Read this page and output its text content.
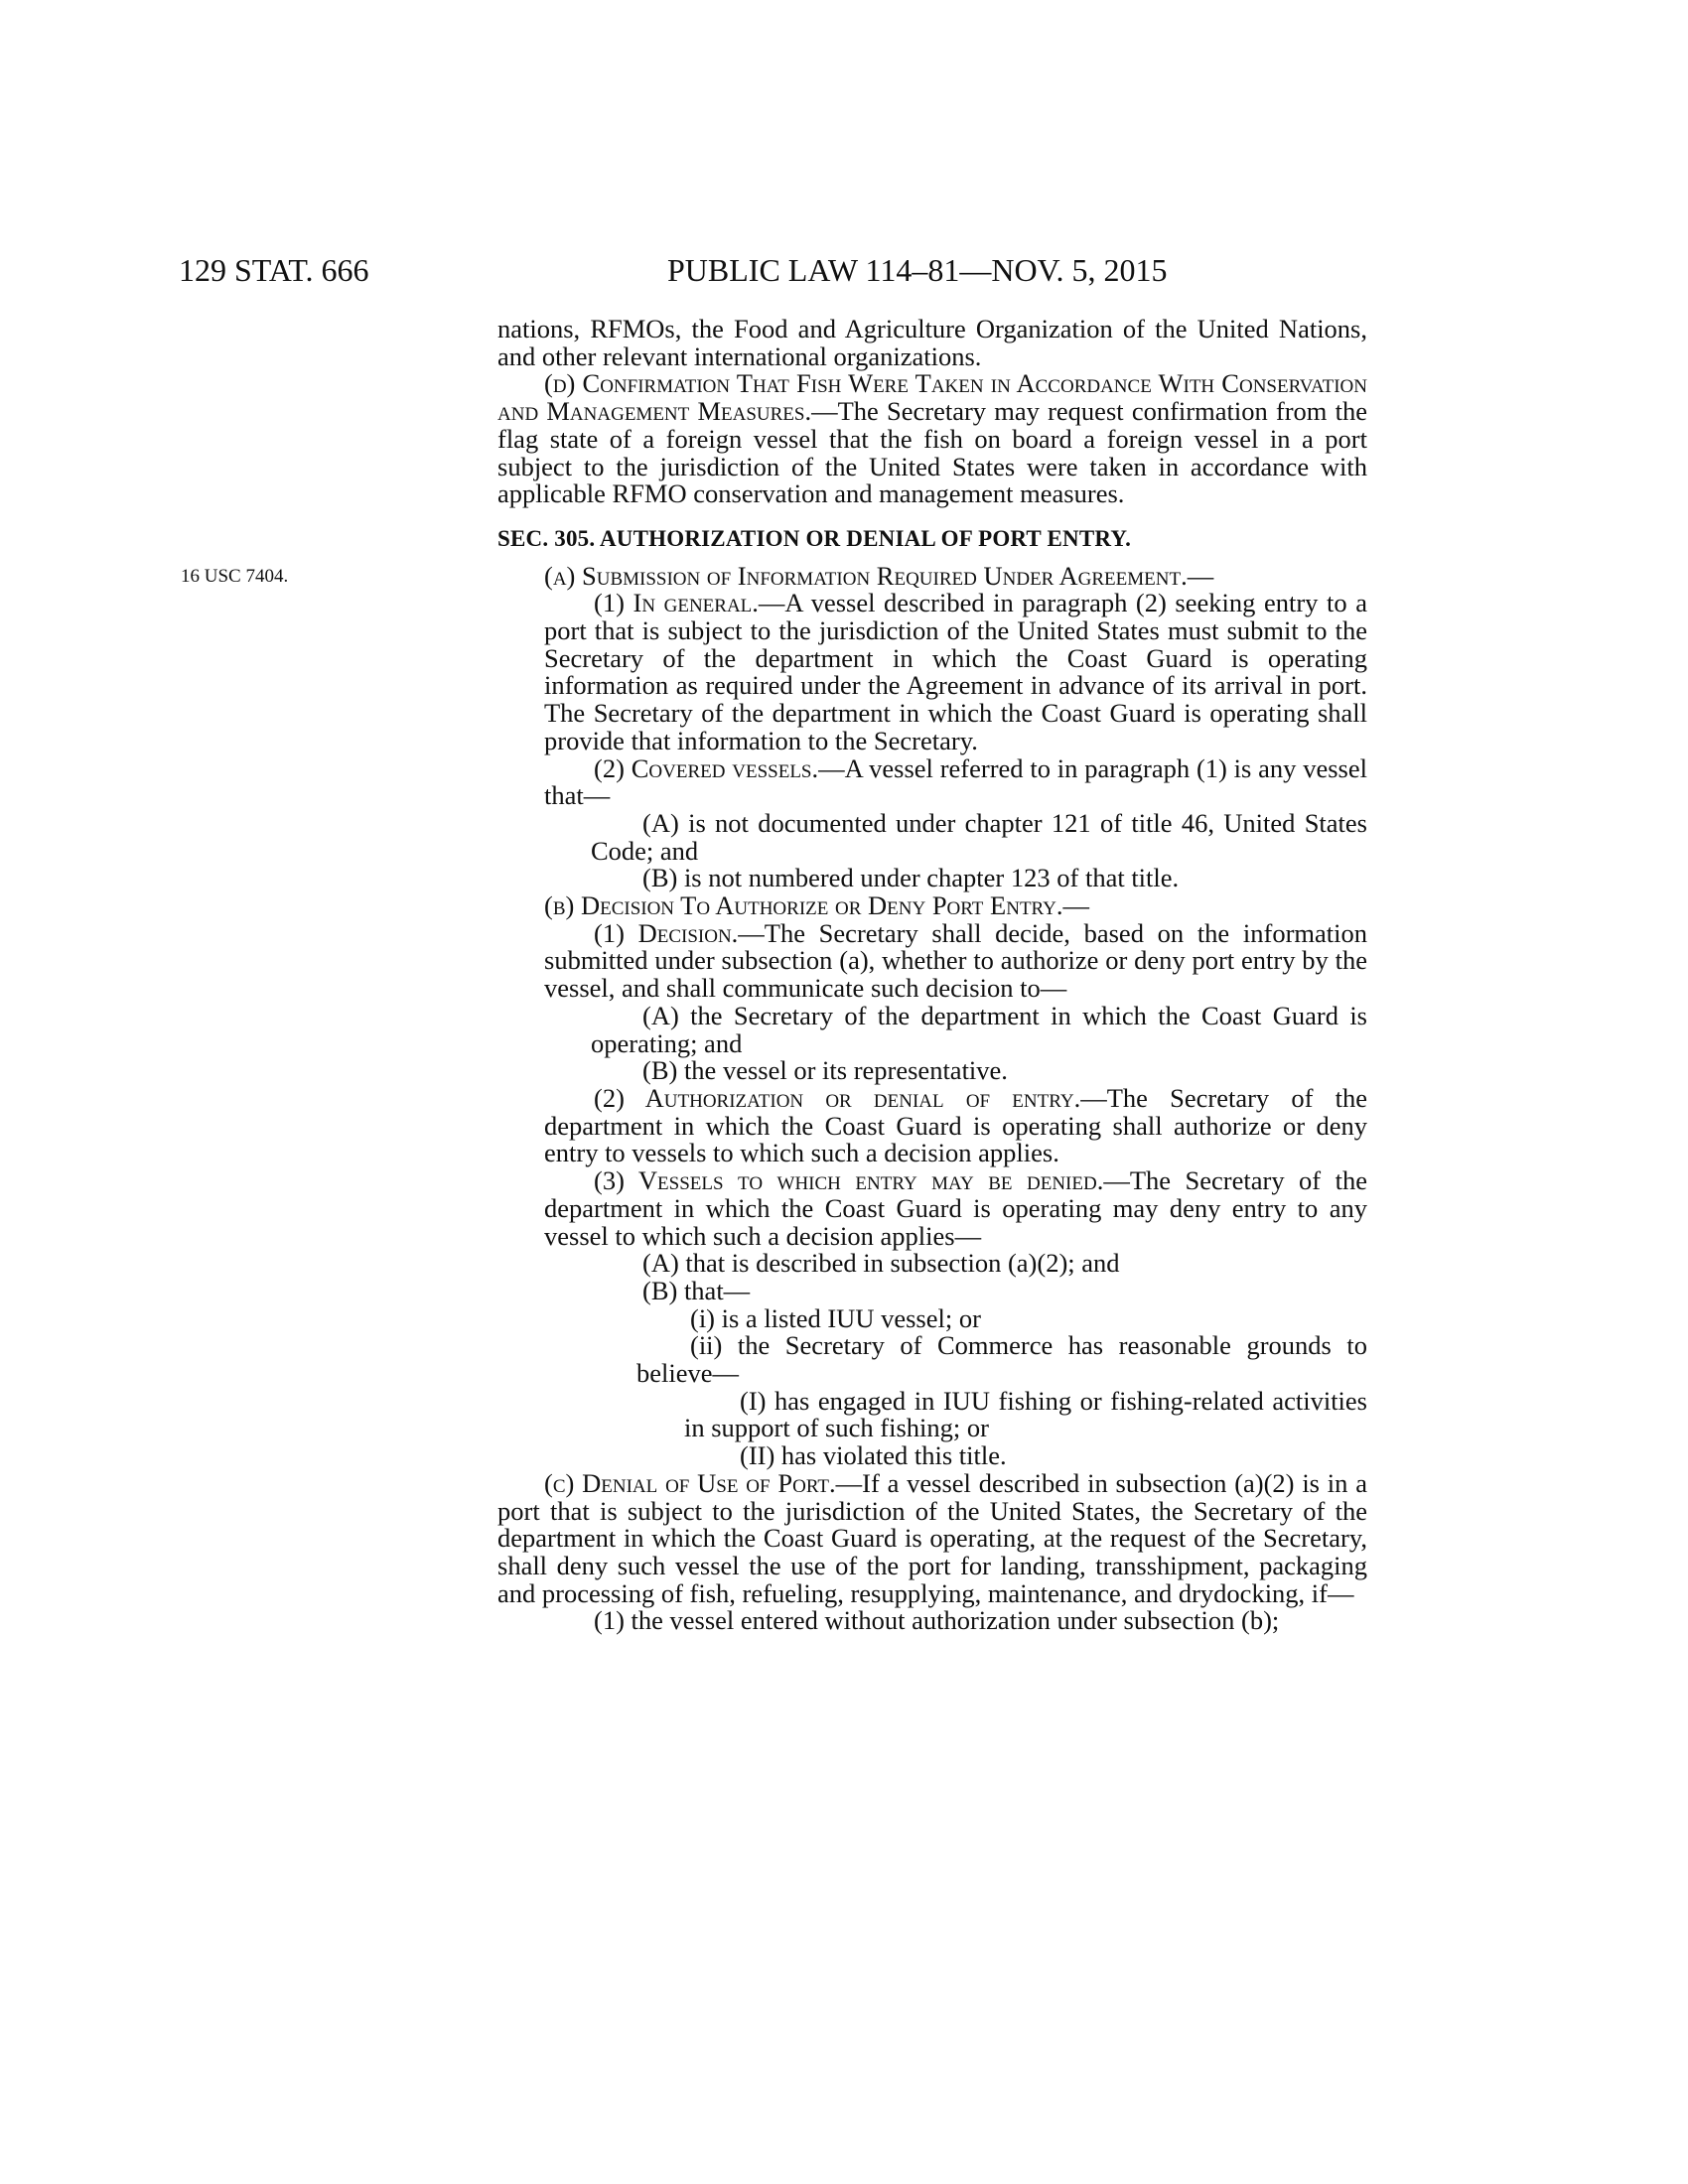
129 STAT. 666	PUBLIC LAW 114–81—NOV. 5, 2015
16 USC 7404.

nations, RFMOs, the Food and Agriculture Organization of the United Nations, and other relevant international organizations.

(d) Confirmation That Fish Were Taken in Accordance With Conservation and Management Measures.—The Secretary may request confirmation from the flag state of a foreign vessel that the fish on board a foreign vessel in a port subject to the jurisdiction of the United States were taken in accordance with applicable RFMO conservation and management measures.

SEC. 305. AUTHORIZATION OR DENIAL OF PORT ENTRY.

(a) Submission of Information Required Under Agreement.—

(1) In general.—A vessel described in paragraph (2) seeking entry to a port that is subject to the jurisdiction of the United States must submit to the Secretary of the department in which the Coast Guard is operating information as required under the Agreement in advance of its arrival in port. The Secretary of the department in which the Coast Guard is operating shall provide that information to the Secretary.

(2) Covered vessels.—A vessel referred to in paragraph (1) is any vessel that—

(A) is not documented under chapter 121 of title 46, United States Code; and

(B) is not numbered under chapter 123 of that title.

(b) Decision To Authorize or Deny Port Entry.—

(1) Decision.—The Secretary shall decide, based on the information submitted under subsection (a), whether to authorize or deny port entry by the vessel, and shall communicate such decision to—

(A) the Secretary of the department in which the Coast Guard is operating; and

(B) the vessel or its representative.

(2) Authorization or denial of entry.—The Secretary of the department in which the Coast Guard is operating shall authorize or deny entry to vessels to which such a decision applies.

(3) Vessels to which entry may be denied.—The Secretary of the department in which the Coast Guard is operating may deny entry to any vessel to which such a decision applies—

(A) that is described in subsection (a)(2); and

(B) that—

(i) is a listed IUU vessel; or

(ii) the Secretary of Commerce has reasonable grounds to believe—

(I) has engaged in IUU fishing or fishing-related activities in support of such fishing; or

(II) has violated this title.

(c) Denial of Use of Port.—If a vessel described in subsection (a)(2) is in a port that is subject to the jurisdiction of the United States, the Secretary of the department in which the Coast Guard is operating, at the request of the Secretary, shall deny such vessel the use of the port for landing, transshipment, packaging and processing of fish, refueling, resupplying, maintenance, and drydocking, if—

(1) the vessel entered without authorization under subsection (b);
